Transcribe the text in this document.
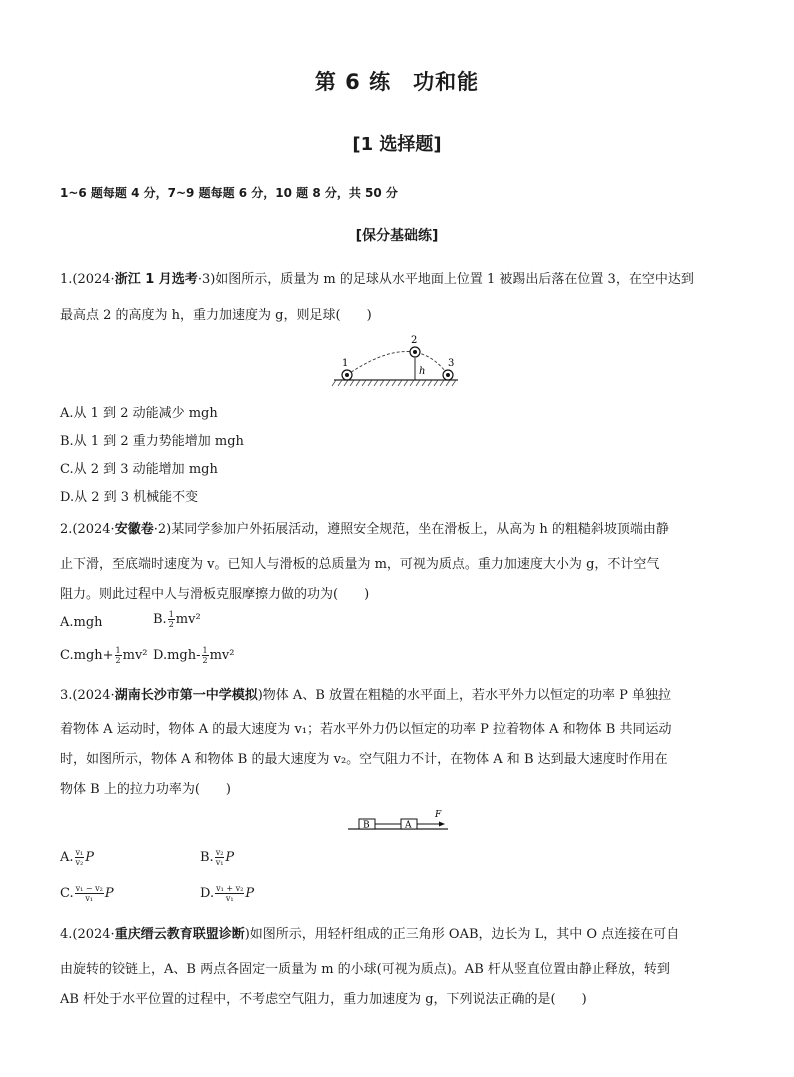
第 6 练　功和能
[1 选择题]
1~6 题每题 4 分，7~9 题每题 6 分，10 题 8 分，共 50 分
[保分基础练]
1.(2024·浙江 1 月选考·3)如图所示，质量为 m 的足球从水平地面上位置 1 被踢出后落在位置 3，在空中达到
最高点 2 的高度为 h，重力加速度为 g，则足球(　　)
1
2
3
h
A.从 1 到 2 动能减少 mgh
B.从 1 到 2 重力势能增加 mgh
C.从 2 到 3 动能增加 mgh
D.从 2 到 3 机械能不变
2.(2024·安徽卷·2)某同学参加户外拓展活动，遵照安全规范，坐在滑板上，从高为 h 的粗糙斜坡顶端由静
止下滑，至底端时速度为 v。已知人与滑板的总质量为 m，可视为质点。重力加速度大小为 g，不计空气
阻力。则此过程中人与滑板克服摩擦力做的功为(　　)
A.mgh	B. $\frac{1}{2} mv^2$
$C.mgh+ \frac{1}{2} mv^2$ $D.mgh- \frac{1}{2} mv^2$
3.(2024·湖南长沙市第一中学模拟)物体 A、B 放置在粗糙的水平面上，若水平外力以恒定的功率 P 单独拉
着物体 A 运动时，物体 A 的最大速度为 v₁；若水平外力仍以恒定的功率 P 拉着物体 A 和物体 B 共同运动
时，如图所示，物体 A 和物体 B 的最大速度为 v₂。空气阻力不计，在物体 A 和 B 达到最大速度时作用在
物体 B 上的拉力功率为(　　)
B	A
F
A. $\frac{\text{v₁}}{\text{v₂}}$ P	B. $\frac{\text{v₂}}{\text{v₁}}$ P
C. $\frac{\text{v₁ − v₂}}{\text{v₁}}$ P	D. $\frac{\text{v₁ + v₂}}{\text{v₁}}$ P
4.(2024·重庆缙云教育联盟诊断)如图所示，用轻杆组成的正三角形 OAB，边长为 L，其中 O 点连接在可自
由旋转的铰链上，A、B 两点各固定一质量为 m 的小球(可视为质点)。AB 杆从竖直位置由静止释放，转到
AB 杆处于水平位置的过程中，不考虑空气阻力，重力加速度为 g，下列说法正确的是(　　)
